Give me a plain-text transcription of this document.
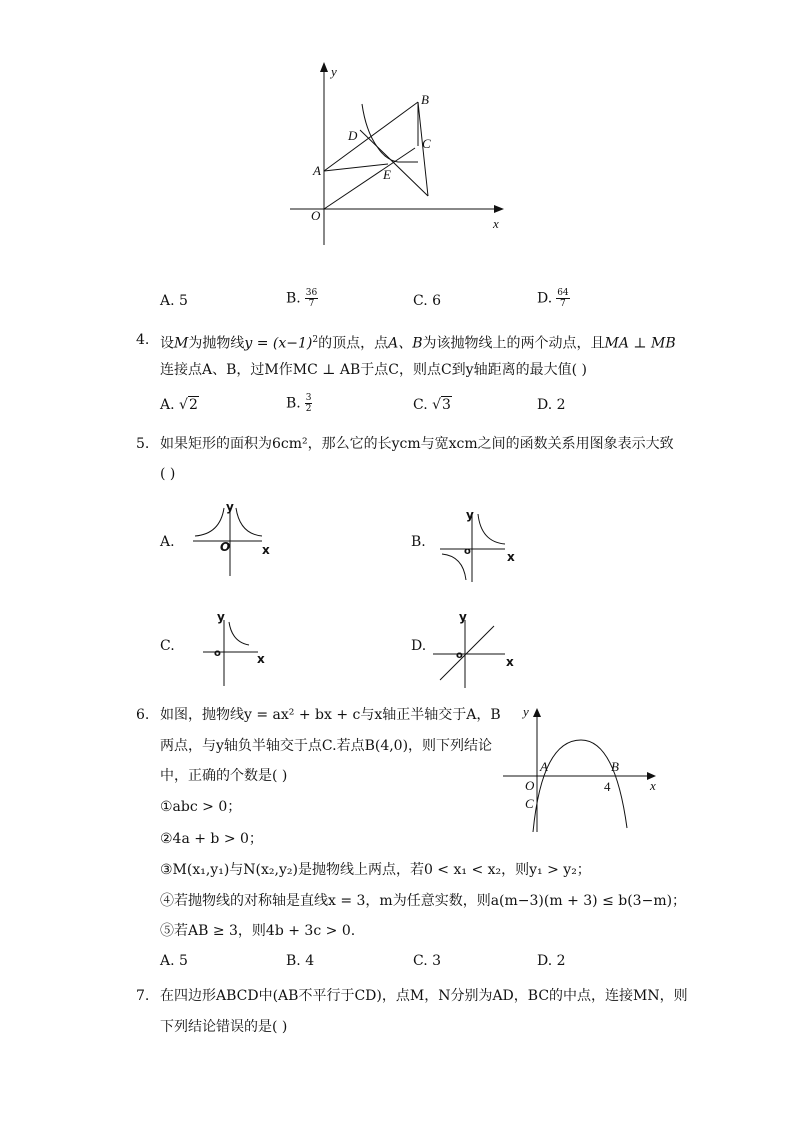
y
x
O
A
B
C
D
E
A. 5	B. $\frac{36}{7}$	C. 6	D. $\frac{64}{7}$
4. 设M为抛物线$y = (x-1)^2$的顶点，点A、B为该抛物线上的两个动点，且MA ⊥ MB
连接点A、B，过M作MC ⊥ AB于点C，则点C到y轴距离的最大值( )
A. √2	B. $\frac{3}{2}$	C. √3	D. 2
5. 如果矩形的面积为6cm²，那么它的长ycm与宽xcm之间的函数关系用图象表示大致
( )
A.	B.
C.	D.
y
O	x
y
o	x
y
o	x
y
o	x
6. 如图，抛物线y = ax² + bx + c与x轴正半轴交于A，B
两点，与y轴负半轴交于点C.若点B(4,0)，则下列结论
中，正确的个数是( )
①abc > 0；
②4a + b > 0；
③M(x₁,y₁)与N(x₂,y₂)是抛物线上两点，若0 < x₁ < x₂，则y₁ > y₂；
④若抛物线的对称轴是直线x = 3，m为任意实数，则a(m−3)(m + 3) ≤ b(3−m)；
⑤若AB ≥ 3，则4b + 3c > 0.
A. 5	B. 4	C. 3	D. 2
y
x
O
A	B
C
4
7. 在四边形ABCD中(AB不平行于CD)，点M，N分别为AD，BC的中点，连接MN，则
下列结论错误的是( )
